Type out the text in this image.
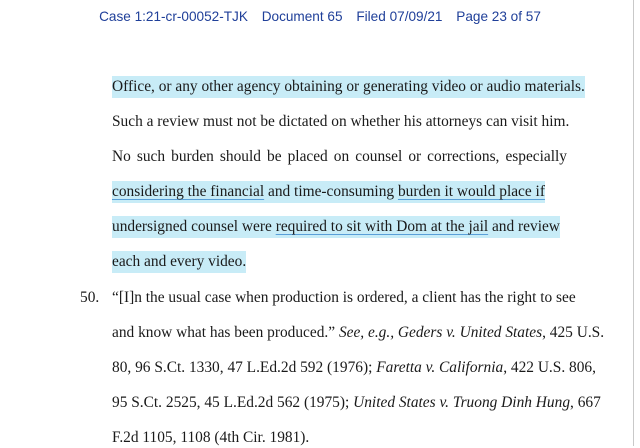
Case 1:21-cr-00052-TJK Document 65 Filed 07/09/21 Page 23 of 57
Office, or any other agency obtaining or generating video or audio materials.
Such a review must not be dictated on whether his attorneys can visit him.
No such burden should be placed on counsel or corrections, especially
considering the financial and time-consuming burden it would place if
undersigned counsel were required to sit with Dom at the jail and review
each and every video.
50. “[I]n the usual case when production is ordered, a client has the right to see
and know what has been produced.” See, e.g., Geders v. United States, 425 U.S.
80, 96 S.Ct. 1330, 47 L.Ed.2d 592 (1976); Faretta v. California, 422 U.S. 806,
95 S.Ct. 2525, 45 L.Ed.2d 562 (1975); United States v. Truong Dinh Hung, 667
F.2d 1105, 1108 (4th Cir. 1981).
